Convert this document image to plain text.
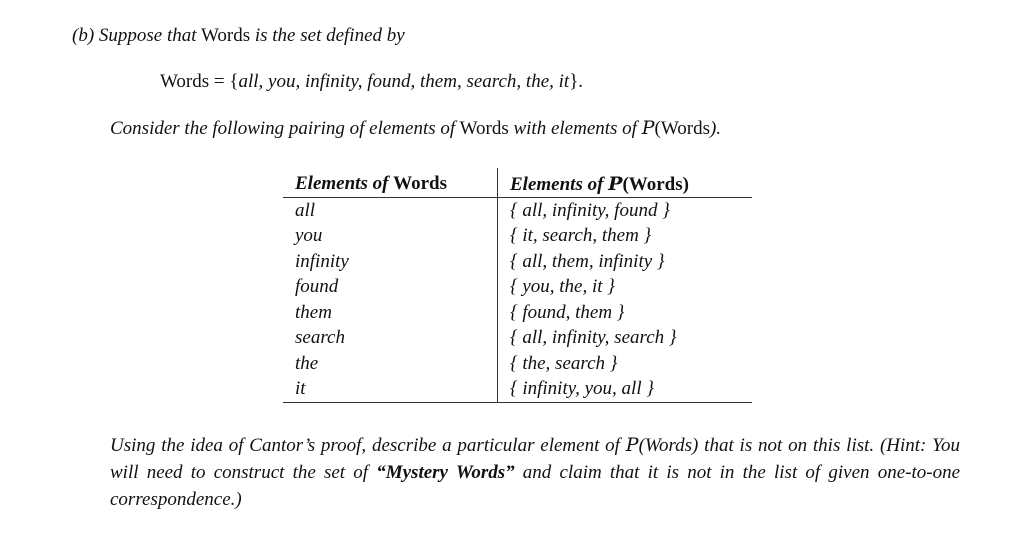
(b) Suppose that Words is the set defined by
Words = {all, you, infinity, found, them, search, the, it}.
Consider the following pairing of elements of Words with elements of P(Words).
Elements of Words	Elements of P(Words)
all	{ all, infinity, found }
you	{ it, search, them }
infinity	{ all, them, infinity }
found	{ you, the, it }
them	{ found, them }
search	{ all, infinity, search }
the	{ the, search }
it	{ infinity, you, all }
Using the idea of Cantor’s proof, describe a particular element of P(Words) that is not on this list. (Hint: You will need to construct the set of “Mystery Words” and claim that it is not in the list of given one-to-one correspondence.)
